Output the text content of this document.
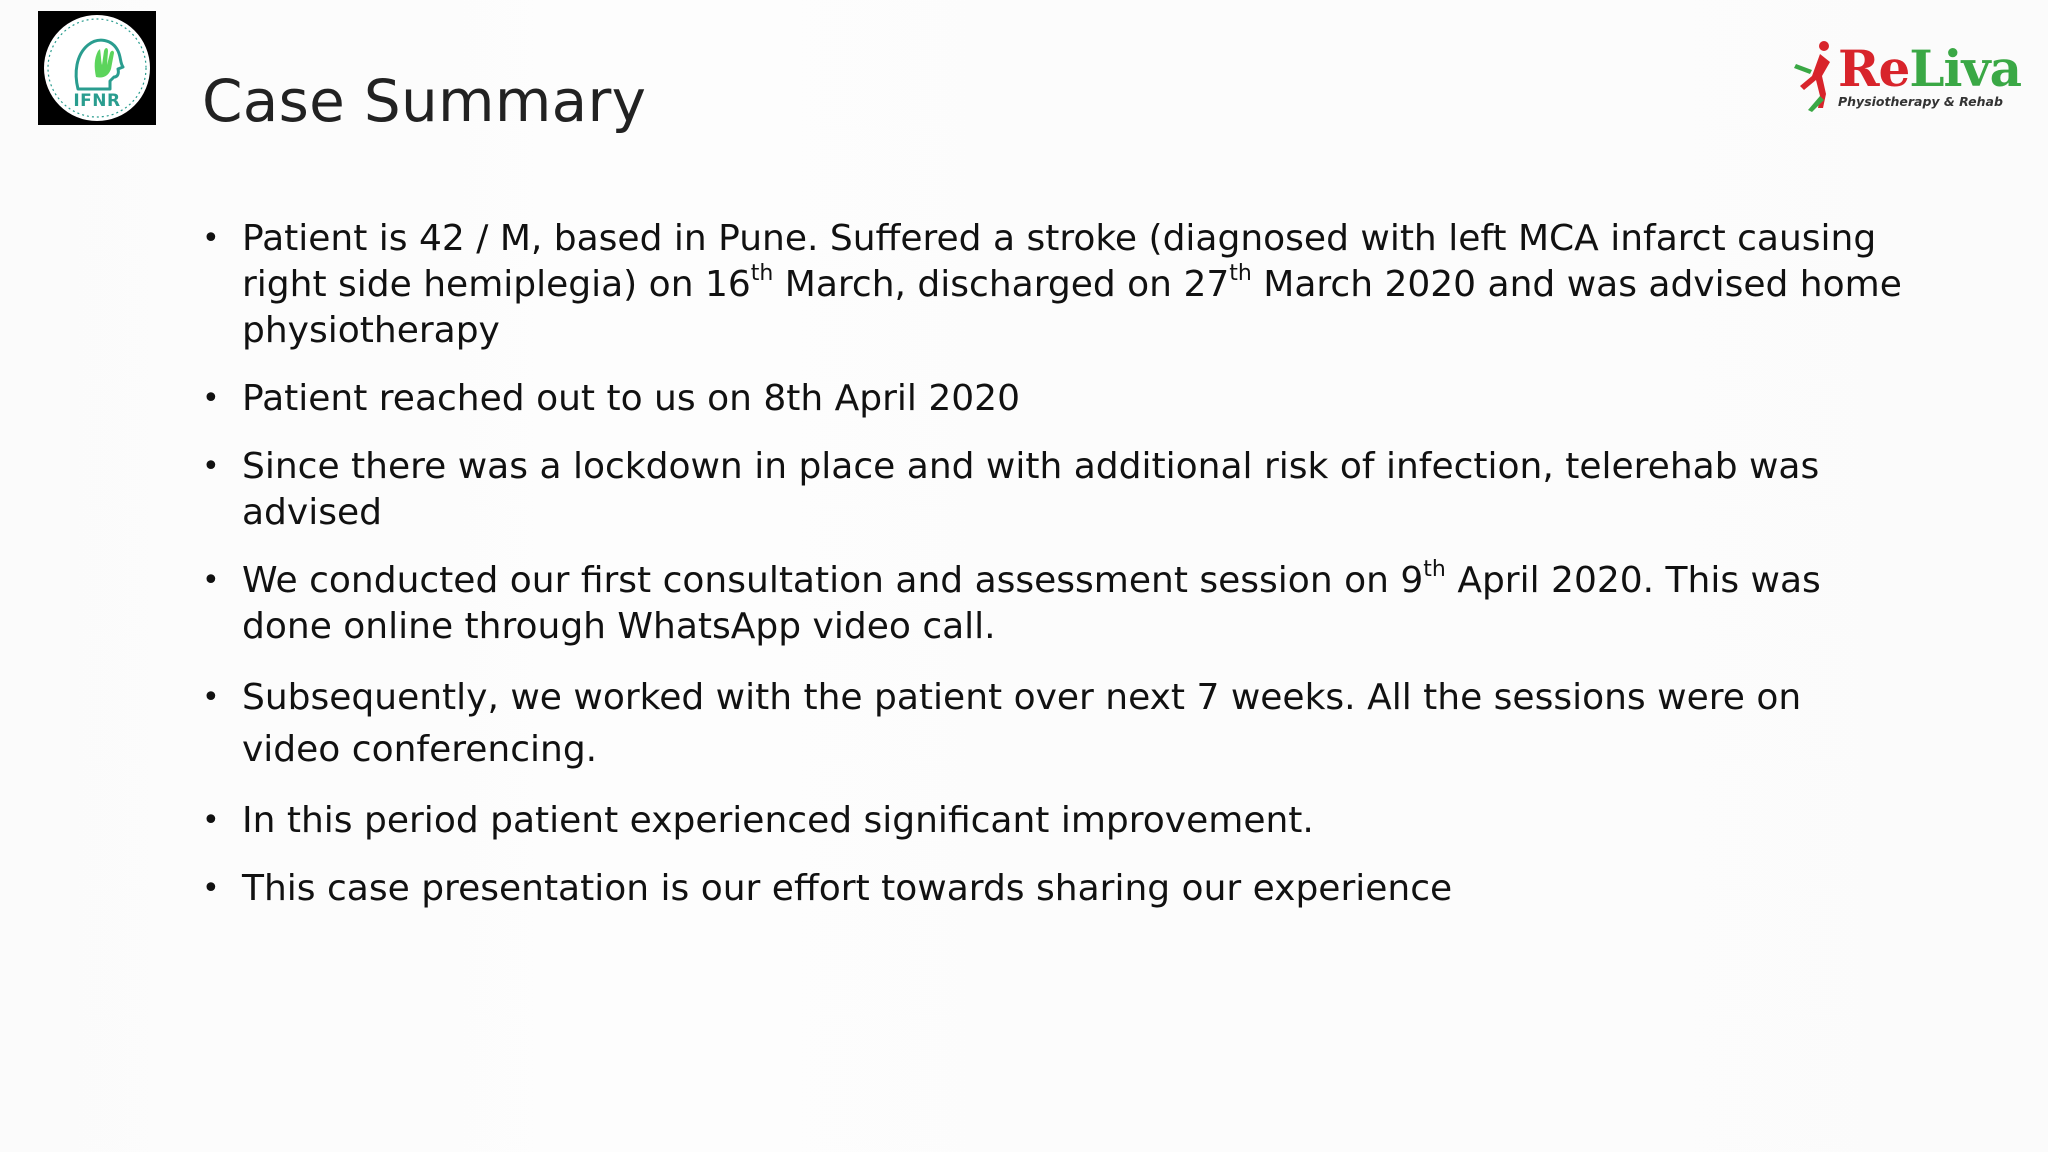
IFNR
ReLiva
Physiotherapy & Rehab
Case Summary
• Patient is 42 / M, based in Pune. Suffered a stroke (diagnosed with left MCA infarct causing right side hemiplegia) on 16th March, discharged on 27th March 2020 and was advised home physiotherapy
• Patient reached out to us on 8th April 2020
• Since there was a lockdown in place and with additional risk of infection, telerehab was advised
• We conducted our first consultation and assessment session on 9th April 2020. This was done online through WhatsApp video call.
• Subsequently, we worked with the patient over next 7 weeks. All the sessions were on video conferencing.
• In this period patient experienced significant improvement.
• This case presentation is our effort towards sharing our experience
